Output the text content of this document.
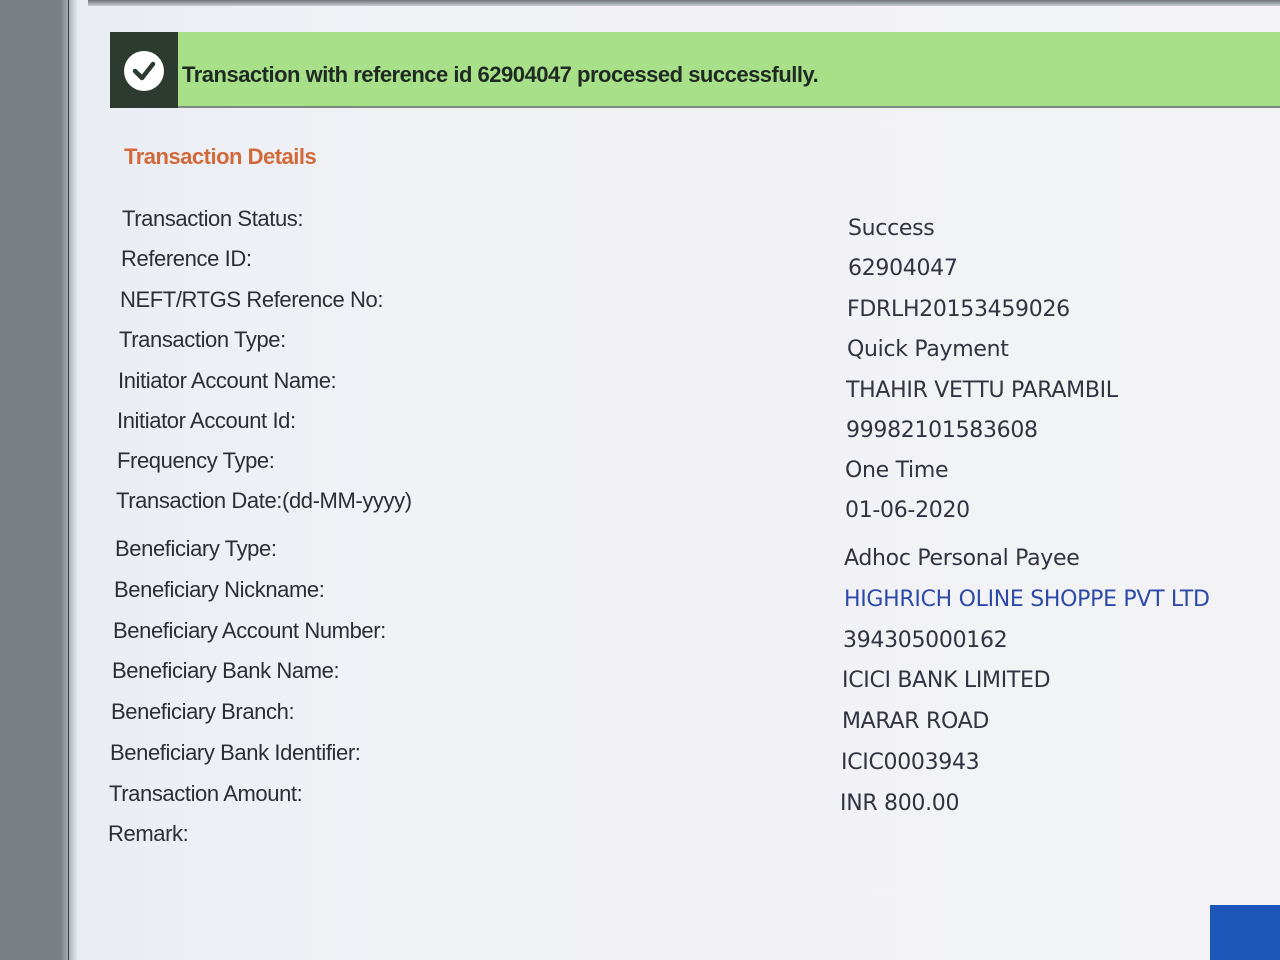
Transaction with reference id 62904047 processed successfully.
Transaction Details
Transaction Status:	Success
Reference ID:	62904047
NEFT/RTGS Reference No:	FDRLH20153459026
Transaction Type:	Quick Payment
Initiator Account Name:	THAHIR VETTU PARAMBIL
Initiator Account Id:	99982101583608
Frequency Type:	One Time
Transaction Date:(dd-MM-yyyy)	01-06-2020
Beneficiary Type:	Adhoc Personal Payee
Beneficiary Nickname:	HIGHRICH OLINE SHOPPE PVT LTD
Beneficiary Account Number:	394305000162
Beneficiary Bank Name:	ICICI BANK LIMITED
Beneficiary Branch:	MARAR ROAD
Beneficiary Bank Identifier:	ICIC0003943
Transaction Amount:	INR 800.00
Remark:
